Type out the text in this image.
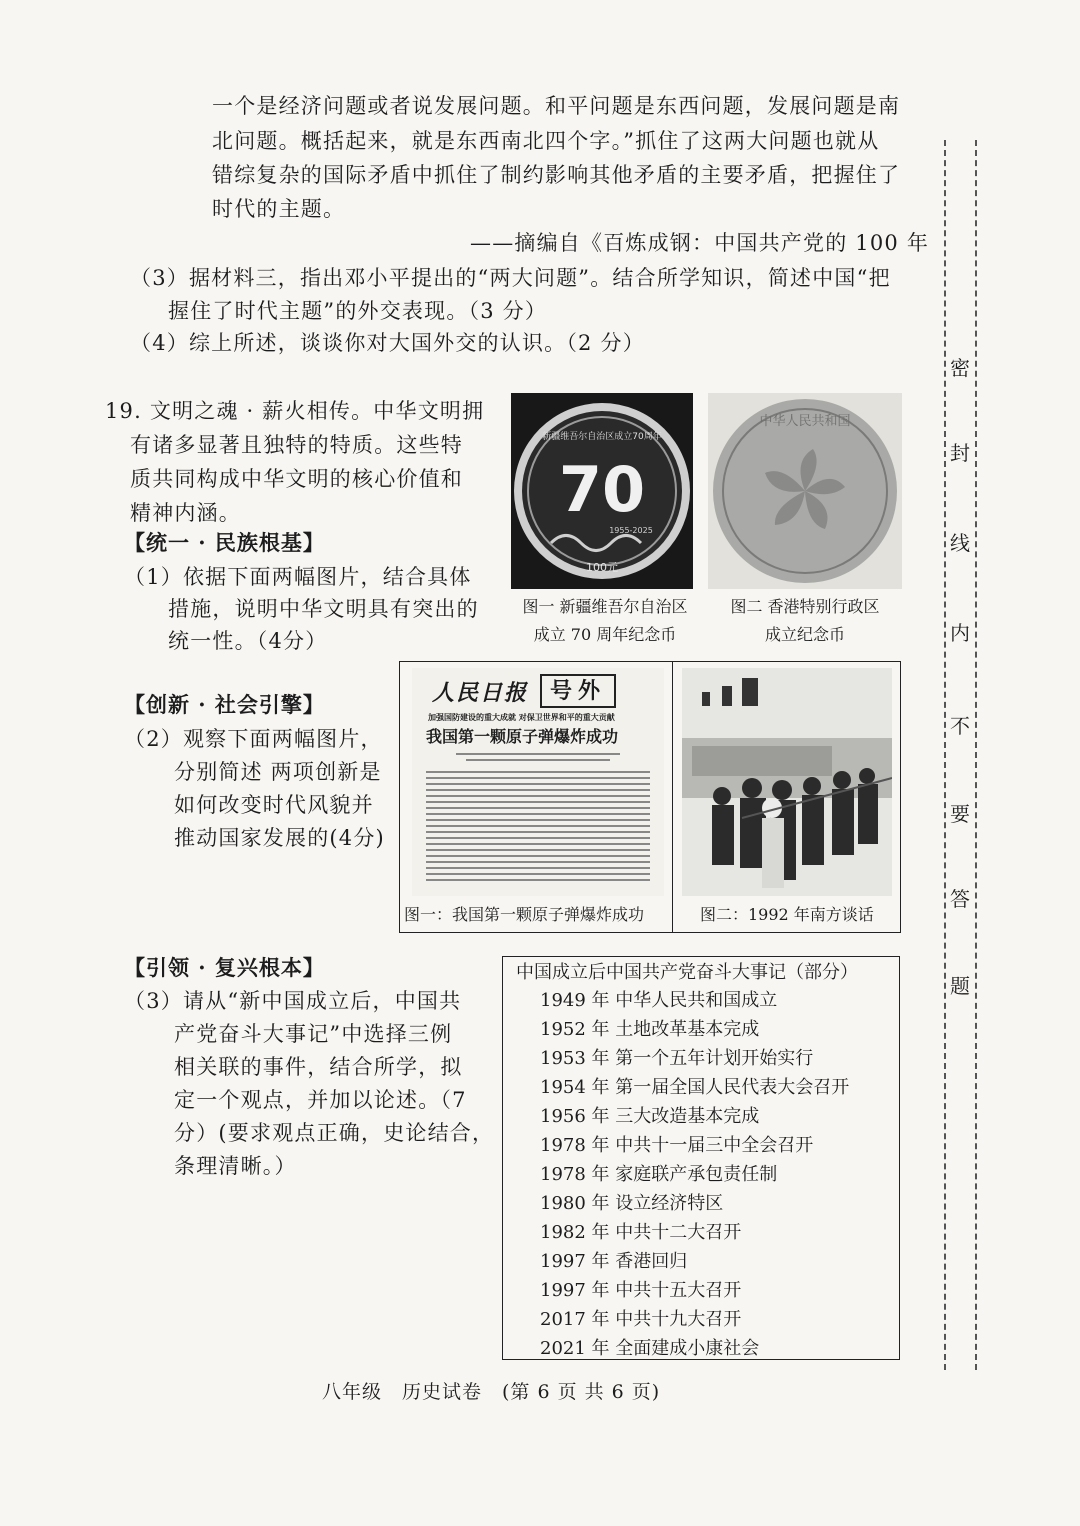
一个是经济问题或者说发展问题。和平问题是东西问题，发展问题是南
北问题。概括起来，就是东西南北四个字。”抓住了这两大问题也就从
错综复杂的国际矛盾中抓住了制约影响其他矛盾的主要矛盾，把握住了
时代的主题。
——摘编自《百炼成钢：中国共产党的 100 年
（3）据材料三，指出邓小平提出的“两大问题”。结合所学知识，简述中国“把
握住了时代主题”的外交表现。（3 分）
（4）综上所述，谈谈你对大国外交的认识。（2 分）
19. 文明之魂 · 薪火相传。中华文明拥
有诸多显著且独特的特质。这些特
质共同构成中华文明的核心价值和
精神内涵。
【统一 · 民族根基】
（1）依据下面两幅图片，结合具体
措施，说明中华文明具有突出的
统一性。（4分）
70
新疆维吾尔自治区成立70周年
1955-2025
100元
中华人民共和国
图一 新疆维吾尔自治区
成立 70 周年纪念币
图二 香港特别行政区
成立纪念币
【创新 · 社会引擎】
（2）观察下面两幅图片，
分别简述 两项创新是
如何改变时代风貌并
推动国家发展的(4分)
人民日报 号外
加强国防建设的重大成就 对保卫世界和平的重大贡献
我国第一颗原子弹爆炸成功
图一：我国第一颗原子弹爆炸成功	图二：1992 年南方谈话
【引领 · 复兴根本】
（3）请从“新中国成立后，中国共
产党奋斗大事记”中选择三例
相关联的事件，结合所学，拟
定一个观点，并加以论述。（7
分）(要求观点正确，史论结合，
条理清晰。）
中国成立后中国共产党奋斗大事记（部分）
1949 年 中华人民共和国成立
1952 年 土地改革基本完成
1953 年 第一个五年计划开始实行
1954 年 第一届全国人民代表大会召开
1956 年 三大改造基本完成
1978 年 中共十一届三中全会召开
1978 年 家庭联产承包责任制
1980 年 设立经济特区
1982 年 中共十二大召开
1997 年 香港回归
1997 年 中共十五大召开
2017 年 中共十九大召开
2021 年 全面建成小康社会
八年级　历史试卷　(第 6 页 共 6 页)
密
封
线
内
不
要
答
题
